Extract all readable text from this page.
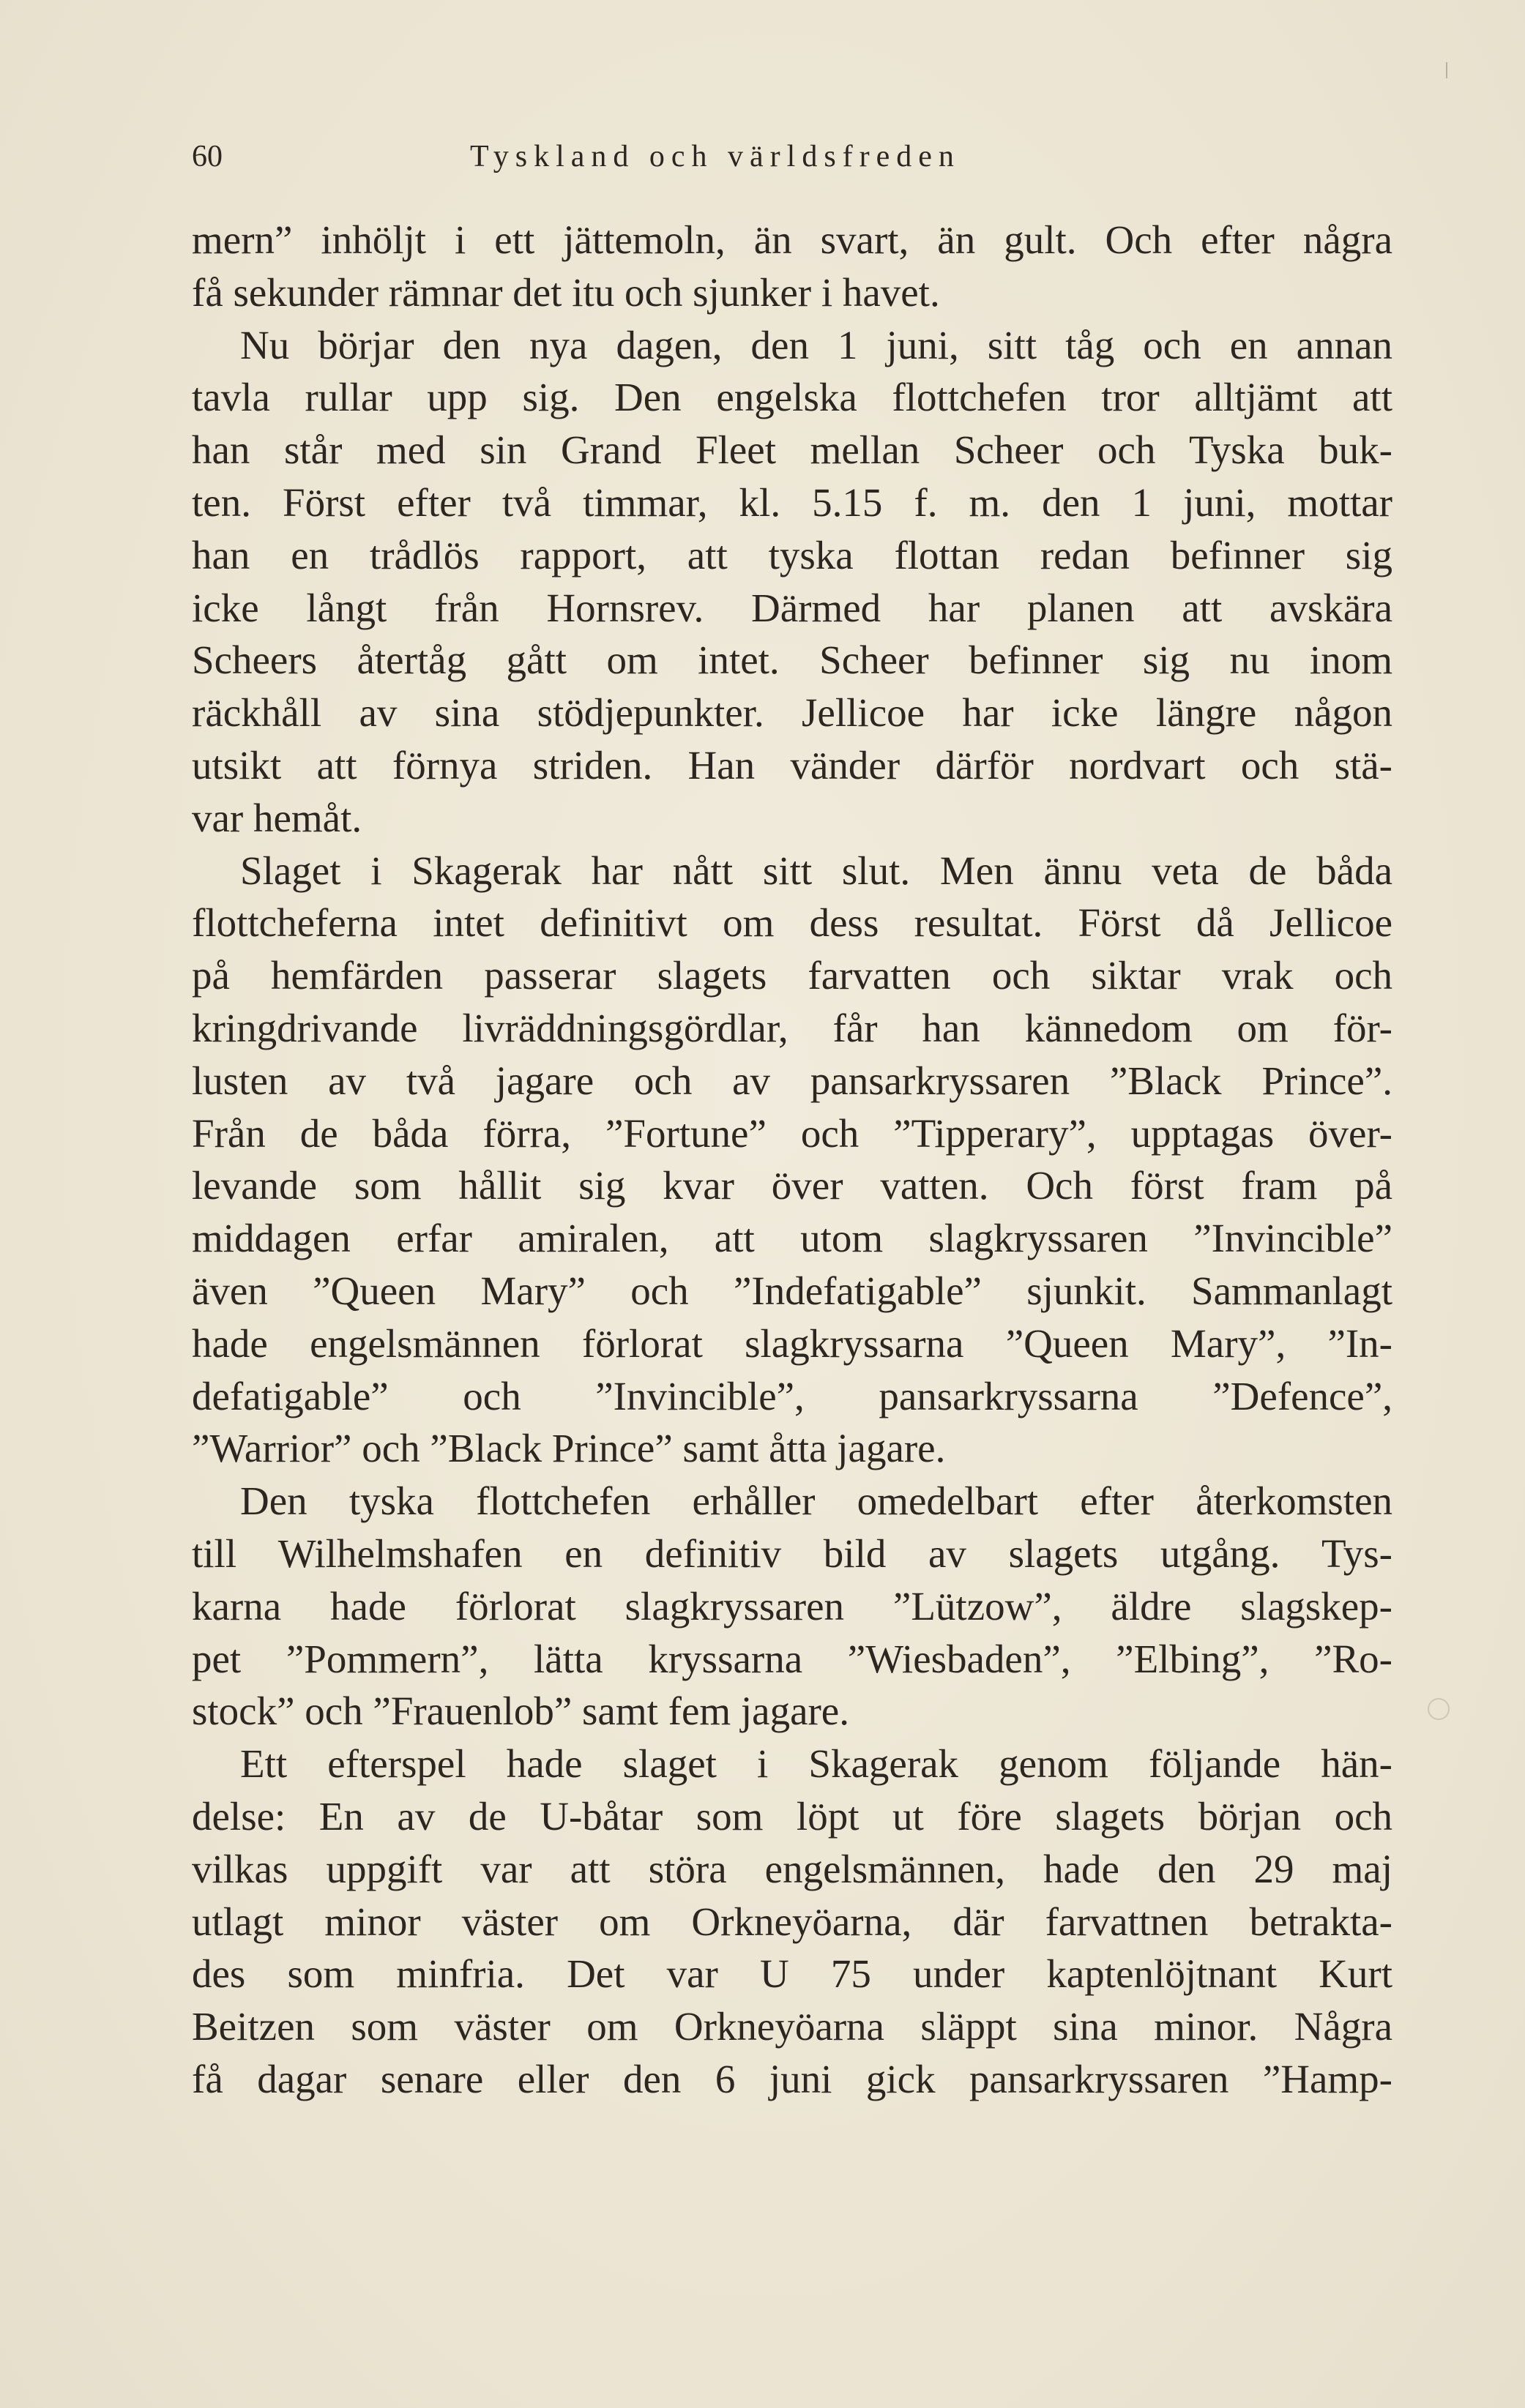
60	Tyskland och världsfreden
mern” inhöljt i ett jättemoln, än svart, än gult. Och efter några
få sekunder rämnar det itu och sjunker i havet.
Nu börjar den nya dagen, den 1 juni, sitt tåg och en annan
tavla rullar upp sig. Den engelska flottchefen tror alltjämt att
han står med sin Grand Fleet mellan Scheer och Tyska buk-
ten. Först efter två timmar, kl. 5.15 f. m. den 1 juni, mottar
han en trådlös rapport, att tyska flottan redan befinner sig
icke långt från Hornsrev. Därmed har planen att avskära
Scheers återtåg gått om intet. Scheer befinner sig nu inom
räckhåll av sina stödjepunkter. Jellicoe har icke längre någon
utsikt att förnya striden. Han vänder därför nordvart och stä-
var hemåt.
Slaget i Skagerak har nått sitt slut. Men ännu veta de båda
flottcheferna intet definitivt om dess resultat. Först då Jellicoe
på hemfärden passerar slagets farvatten och siktar vrak och
kringdrivande livräddningsgördlar, får han kännedom om för-
lusten av två jagare och av pansarkryssaren ”Black Prince”.
Från de båda förra, ”Fortune” och ”Tipperary”, upptagas över-
levande som hållit sig kvar över vatten. Och först fram på
middagen erfar amiralen, att utom slagkryssaren ”Invincible”
även ”Queen Mary” och ”Indefatigable” sjunkit. Sammanlagt
hade engelsmännen förlorat slagkryssarna ”Queen Mary”, ”In-
defatigable” och ”Invincible”, pansarkryssarna ”Defence”,
”Warrior” och ”Black Prince” samt åtta jagare.
Den tyska flottchefen erhåller omedelbart efter återkomsten
till Wilhelmshafen en definitiv bild av slagets utgång. Tys-
karna hade förlorat slagkryssaren ”Lützow”, äldre slagskep-
pet ”Pommern”, lätta kryssarna ”Wiesbaden”, ”Elbing”, ”Ro-
stock” och ”Frauenlob” samt fem jagare.
Ett efterspel hade slaget i Skagerak genom följande hän-
delse: En av de U-båtar som löpt ut före slagets början och
vilkas uppgift var att störa engelsmännen, hade den 29 maj
utlagt minor väster om Orkneyöarna, där farvattnen betrakta-
des som minfria. Det var U 75 under kaptenlöjtnant Kurt
Beitzen som väster om Orkneyöarna släppt sina minor. Några
få dagar senare eller den 6 juni gick pansarkryssaren ”Hamp-
